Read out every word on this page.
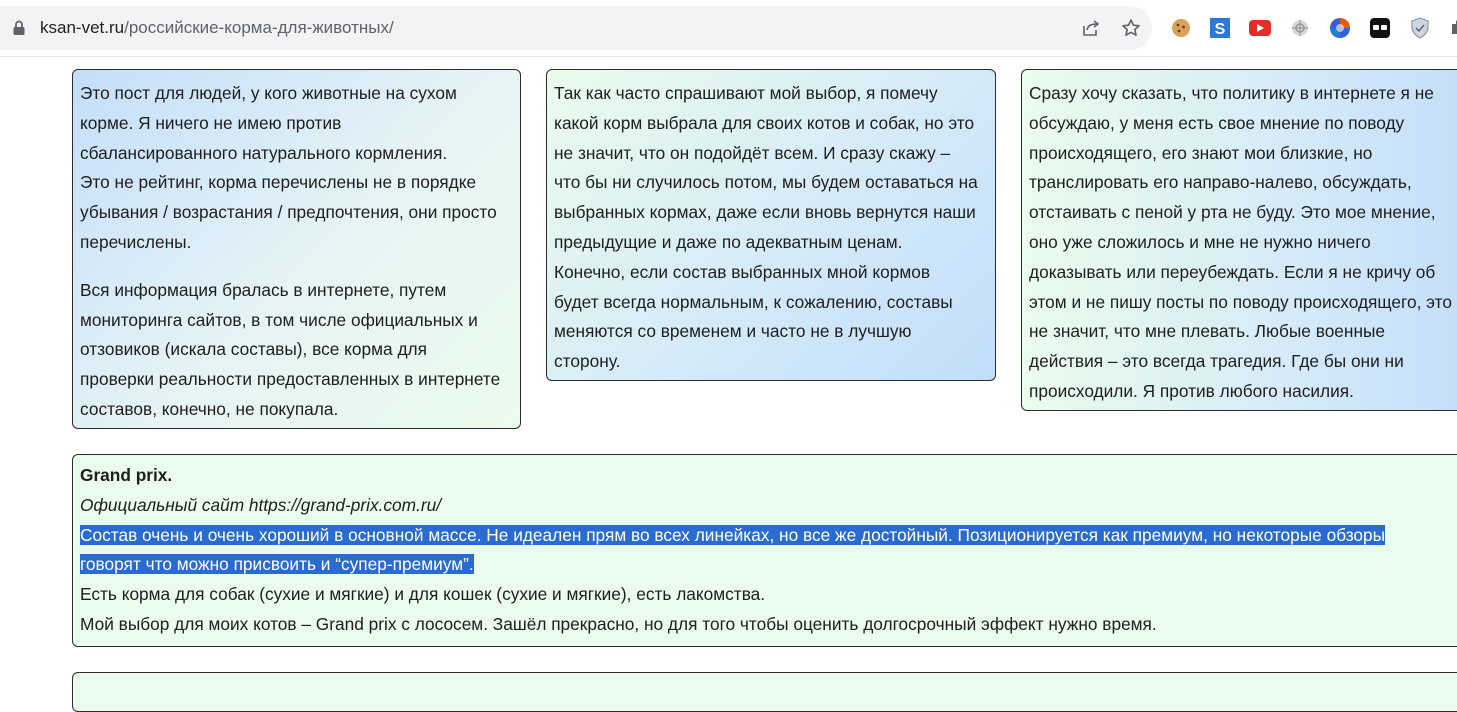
ksan-vet.ru/российские-корма-для-животных/	S

Это пост для людей, у кого животные на сухом
корме. Я ничего не имею против
сбалансированного натурального кормления.
Это не рейтинг, корма перечислены не в порядке
убывания / возрастания / предпочтения, они просто
перечислены.

Вся информация бралась в интернете, путем
мониторинга сайтов, в том числе официальных и
отзовиков (искала составы), все корма для
проверки реальности предоставленных в интернете
составов, конечно, не покупала.

Так как часто спрашивают мой выбор, я помечу
какой корм выбрала для своих котов и собак, но это
не значит, что он подойдёт всем. И сразу скажу –
что бы ни случилось потом, мы будем оставаться на
выбранных кормах, даже если вновь вернутся наши
предыдущие и даже по адекватным ценам.
Конечно, если состав выбранных мной кормов
будет всегда нормальным, к сожалению, составы
меняются со временем и часто не в лучшую
сторону.

Сразу хочу сказать, что политику в интернете я не
обсуждаю, у меня есть свое мнение по поводу
происходящего, его знают мои близкие, но
транслировать его направо-налево, обсуждать,
отстаивать с пеной у рта не буду. Это мое мнение,
оно уже сложилось и мне не нужно ничего
доказывать или переубеждать. Если я не кричу об
этом и не пишу посты по поводу происходящего, это
не значит, что мне плевать. Любые военные
действия – это всегда трагедия. Где бы они ни
происходили. Я против любого насилия.

Grand prix.
Официальный сайт https://grand-prix.com.ru/
Состав очень и очень хороший в основной массе. Не идеален прям во всех линейках, но все же достойный. Позиционируется как премиум, но некоторые обзоры
говорят что можно присвоить и “супер-премиум”.
Есть корма для собак (сухие и мягкие) и для кошек (сухие и мягкие), есть лакомства.
Мой выбор для моих котов – Grand prix с лососем. Зашёл прекрасно, но для того чтобы оценить долгосрочный эффект нужно время.
